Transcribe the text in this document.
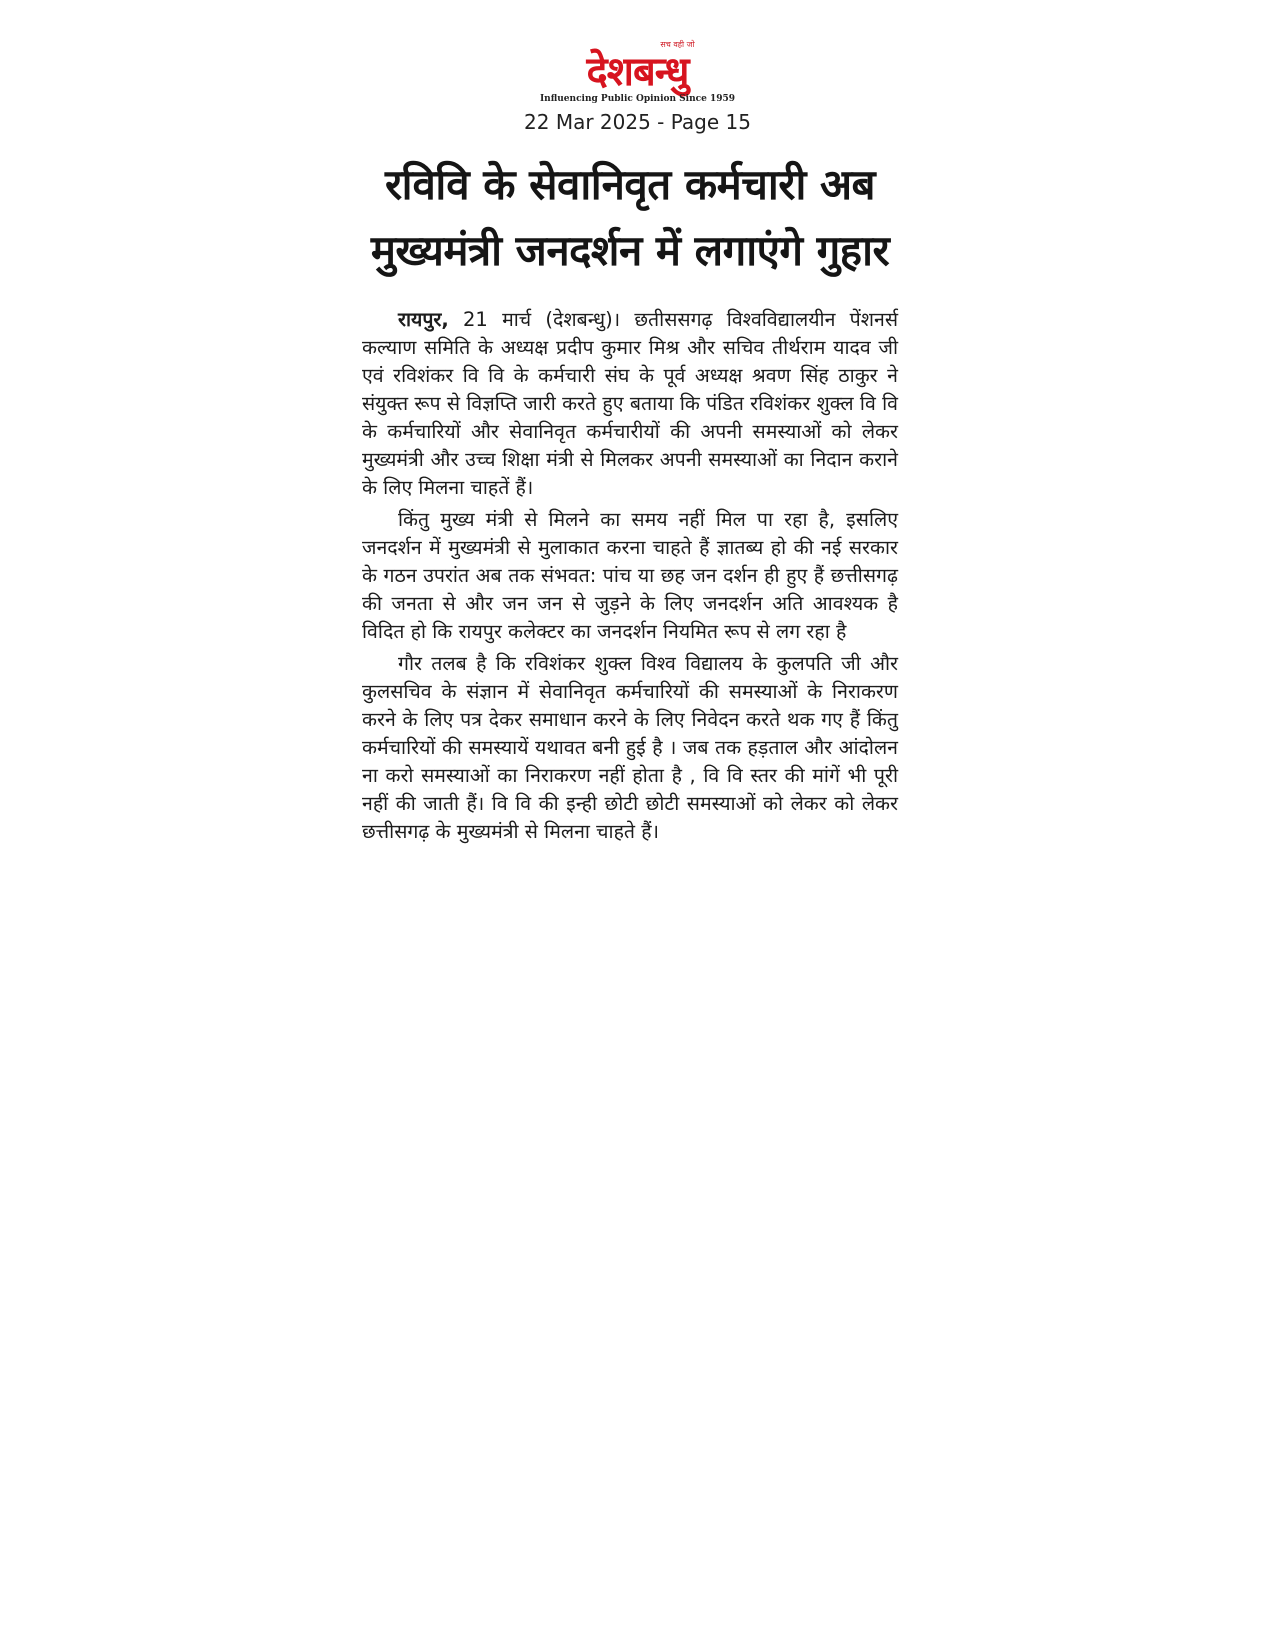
सच वही जो
देशबन्धु
Influencing Public Opinion Since 1959
22 Mar 2025 - Page 15
रविवि के सेवानिवृत कर्मचारी अब
मुख्यमंत्री जनदर्शन में लगाएंगे गुहार

रायपुर, 21 मार्च (देशबन्धु)। छतीससगढ़ विश्वविद्यालयीन पेंशनर्स कल्याण समिति के अध्यक्ष प्रदीप कुमार मिश्र और सचिव तीर्थराम यादव जी एवं रविशंकर वि वि के कर्मचारी संघ के पूर्व अध्यक्ष श्रवण सिंह ठाकुर ने संयुक्त रूप से विज्ञप्ति जारी करते हुए बताया कि पंडित रविशंकर शुक्ल वि वि के कर्मचारियों और सेवानिवृत कर्मचारीयों की अपनी समस्याओं को लेकर मुख्यमंत्री और उच्च शिक्षा मंत्री से मिलकर अपनी समस्याओं का निदान कराने के लिए मिलना चाहतें हैं।

किंतु मुख्य मंत्री से मिलने का समय नहीं मिल पा रहा है, इसलिए जनदर्शन में मुख्यमंत्री से मुलाकात करना चाहते हैं ज्ञातब्य हो की नई सरकार के गठन उपरांत अब तक संभवत: पांच या छह जन दर्शन ही हुए हैं छत्तीसगढ़ की जनता से और जन जन से जुड़ने के लिए जनदर्शन अति आवश्यक है विदित हो कि रायपुर कलेक्टर का जनदर्शन नियमित रूप से लग रहा है

गौर तलब है कि रविशंकर शुक्ल विश्व विद्यालय के कुलपति जी और कुलसचिव के संज्ञान में सेवानिवृत कर्मचारियों की समस्याओं के निराकरण करने के लिए पत्र देकर समाधान करने के लिए निवेदन करते थक गए हैं किंतु कर्मचारियों की समस्यायें यथावत बनी हुई है । जब तक हड़ताल और आंदोलन ना करो समस्याओं का निराकरण नहीं होता है , वि वि स्तर की मांगें भी पूरी नहीं की जाती हैं। वि वि की इन्ही छोटी छोटी समस्याओं को लेकर को लेकर छत्तीसगढ़ के मुख्यमंत्री से मिलना चाहते हैं।
